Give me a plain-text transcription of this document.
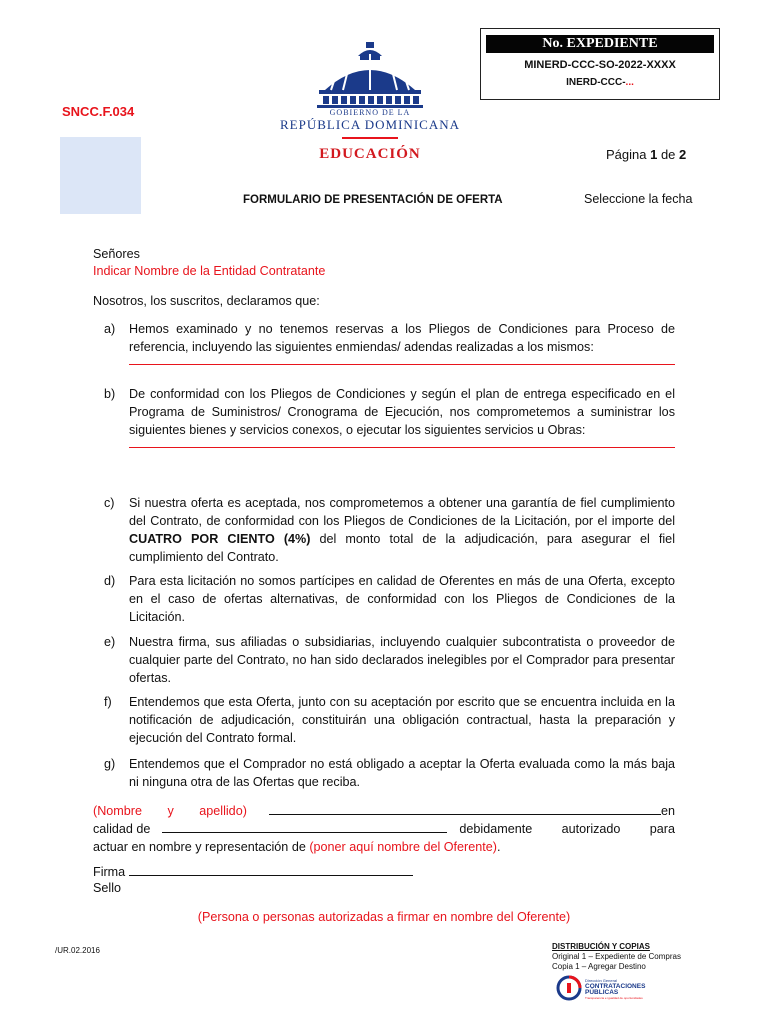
No. EXPEDIENTE
MINERD-CCC-SO-2022-XXXX
INERD-CCC-...
SNCC.F.034	GOBIERNO DE LA
REPÚBLICA DOMINICANA
EDUCACIÓN	Página 1 de 2
FORMULARIO DE PRESENTACIÓN DE OFERTA	Seleccione la fecha
Señores
Indicar Nombre de la Entidad Contratante
Nosotros, los suscritos, declaramos que:
a)	Hemos examinado y no tenemos reservas a los Pliegos de Condiciones para Proceso de referencia, incluyendo las siguientes enmiendas/ adendas realizadas a los mismos:
b)	De conformidad con los Pliegos de Condiciones y según el plan de entrega especificado en el Programa de Suministros/ Cronograma de Ejecución, nos comprometemos a suministrar los siguientes bienes y servicios conexos, o ejecutar los siguientes servicios u Obras:
c)	Si nuestra oferta es aceptada, nos comprometemos a obtener una garantía de fiel cumplimiento del Contrato, de conformidad con los Pliegos de Condiciones de la Licitación, por el importe del CUATRO POR CIENTO (4%) del monto total de la adjudicación, para asegurar el fiel cumplimiento del Contrato.
d)	Para esta licitación no somos partícipes en calidad de Oferentes en más de una Oferta, excepto en el caso de ofertas alternativas, de conformidad con los Pliegos de Condiciones de la Licitación.
e)	Nuestra firma, sus afiliadas o subsidiarias, incluyendo cualquier subcontratista o proveedor de cualquier parte del Contrato, no han sido declarados inelegibles por el Comprador para presentar ofertas.
f)	Entendemos que esta Oferta, junto con su aceptación por escrito que se encuentra incluida en la notificación de adjudicación, constituirán una obligación contractual, hasta la preparación y ejecución del Contrato formal.
g)	Entendemos que el Comprador no está obligado a aceptar la Oferta evaluada como la más baja ni ninguna otra de las Ofertas que reciba.
(Nombre y apellido)	en
calidad de	debidamente autorizado para
actuar en nombre y representación de (poner aquí nombre del Oferente).
Firma
Sello
(Persona o personas autorizadas a firmar en nombre del Oferente)
/UR.02.2016	DISTRIBUCIÓN Y COPIAS
Original 1 – Expediente de Compras
Copia 1 – Agregar Destino
Dirección General
CONTRATACIONES
PÚBLICAS
Transparencia e igualdad de oportunidades
